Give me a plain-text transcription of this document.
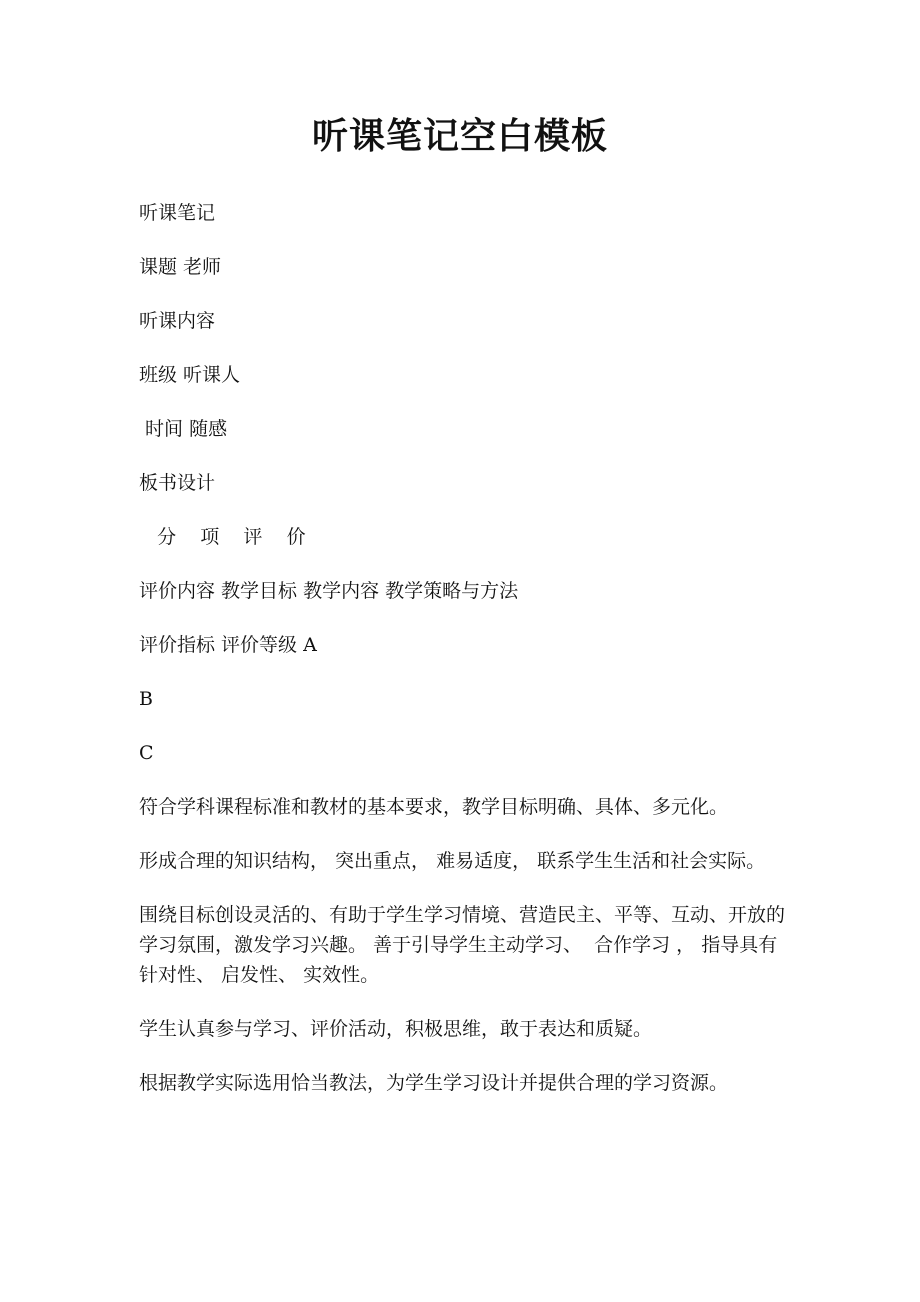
听课笔记空白模板

听课笔记

课题 老师

听课内容

班级 听课人

时间 随感

板书设计

分    项    评    价

评价内容 教学目标 教学内容 教学策略与方法

评价指标 评价等级 A

B

C

符合学科课程标准和教材的基本要求，教学目标明确、具体、多元化。

形成合理的知识结构， 突出重点， 难易适度， 联系学生生活和社会实际。

围绕目标创设灵活的、有助于学生学习情境、营造民主、平等、互动、开放的学习氛围，激发学习兴趣。 善于引导学生主动学习、  合作学习 ， 指导具有针对性、 启发性、 实效性。

学生认真参与学习、评价活动，积极思维，敢于表达和质疑。

根据教学实际选用恰当教法，为学生学习设计并提供合理的学习资源。
